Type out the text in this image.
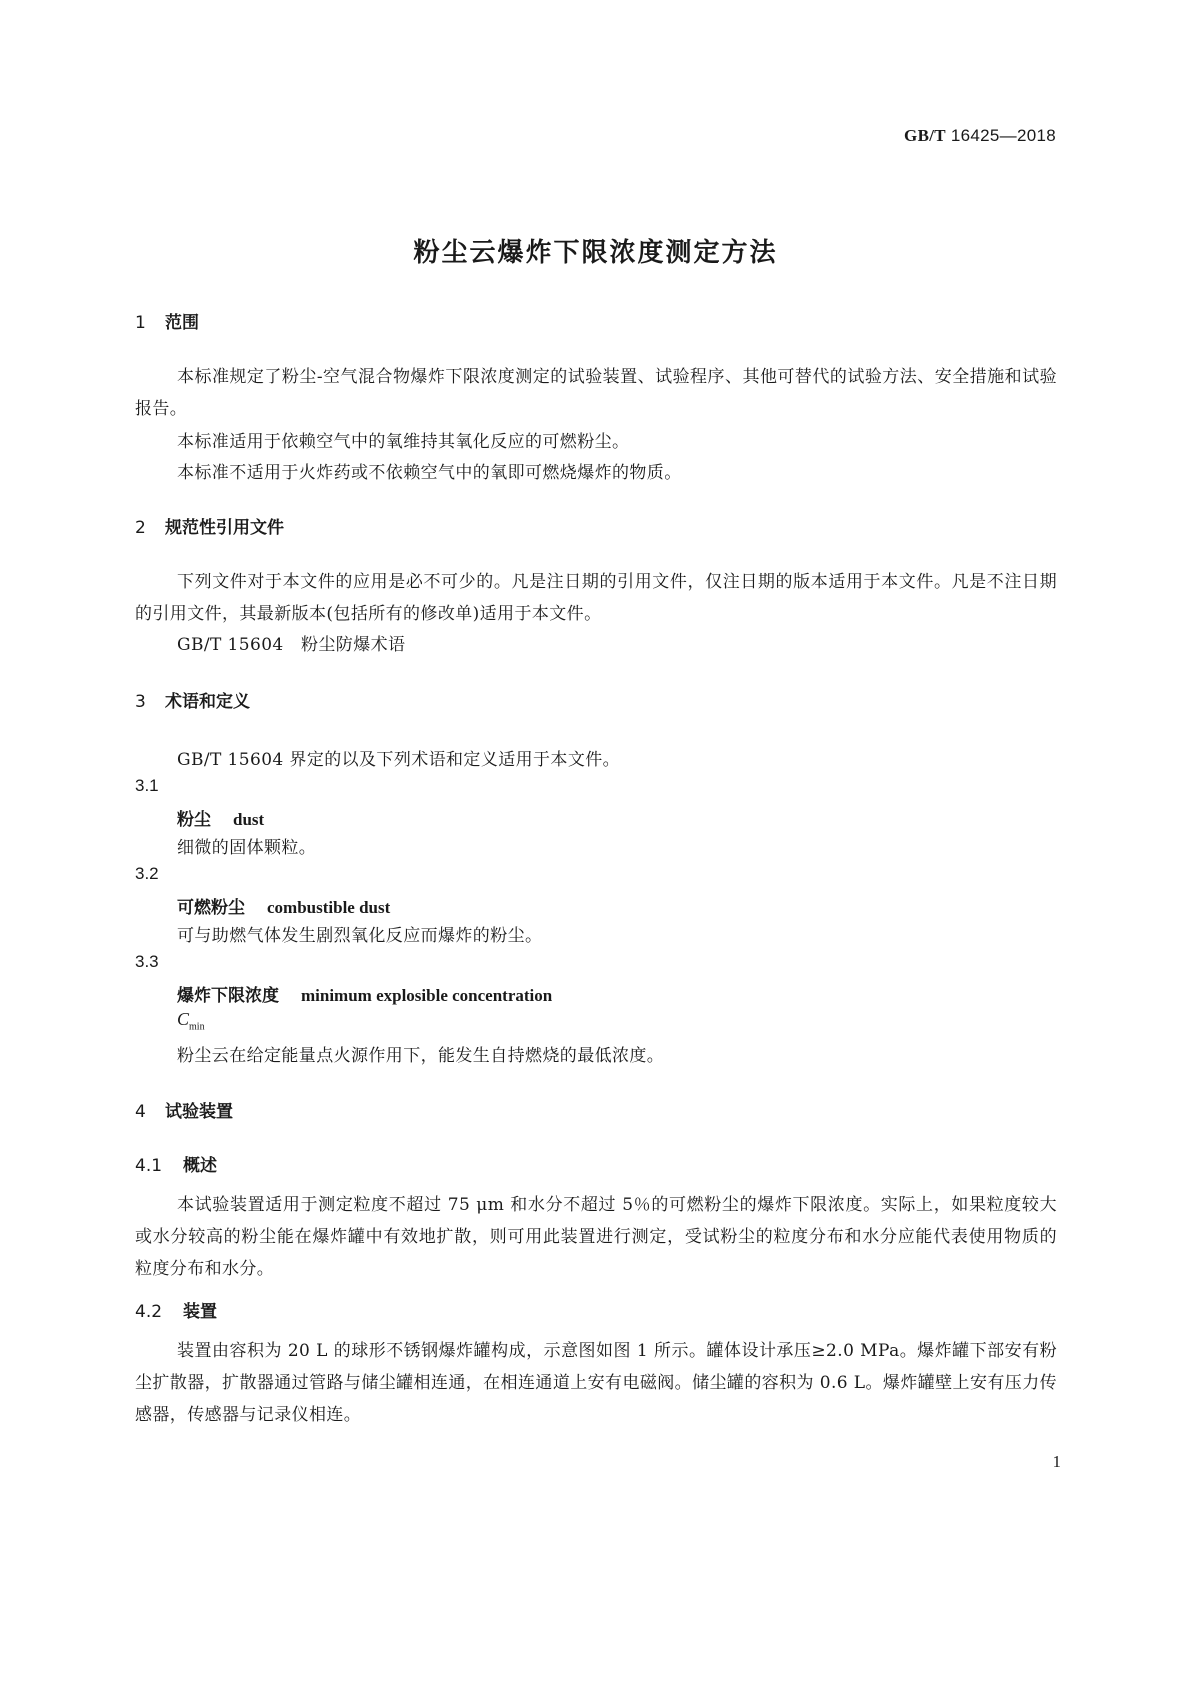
GB/T 16425—2018
粉尘云爆炸下限浓度测定方法
1 范围
本标准规定了粉尘-空气混合物爆炸下限浓度测定的试验装置、试验程序、其他可替代的试验方法、安全措施和试验报告。
本标准适用于依赖空气中的氧维持其氧化反应的可燃粉尘。
本标准不适用于火炸药或不依赖空气中的氧即可燃烧爆炸的物质。
2 规范性引用文件
下列文件对于本文件的应用是必不可少的。凡是注日期的引用文件，仅注日期的版本适用于本文件。凡是不注日期的引用文件，其最新版本(包括所有的修改单)适用于本文件。
GB/T 15604 粉尘防爆术语
3 术语和定义
GB/T 15604 界定的以及下列术语和定义适用于本文件。
3.1
粉尘 dust
细微的固体颗粒。
3.2
可燃粉尘 combustible dust
可与助燃气体发生剧烈氧化反应而爆炸的粉尘。
3.3
爆炸下限浓度 minimum explosible concentration
$C_{min}$
粉尘云在给定能量点火源作用下，能发生自持燃烧的最低浓度。
4 试验装置
4.1 概述
本试验装置适用于测定粒度不超过 75 μm 和水分不超过 5％的可燃粉尘的爆炸下限浓度。实际上，如果粒度较大或水分较高的粉尘能在爆炸罐中有效地扩散，则可用此装置进行测定，受试粉尘的粒度分布和水分应能代表使用物质的粒度分布和水分。
4.2 装置
装置由容积为 20 L 的球形不锈钢爆炸罐构成，示意图如图 1 所示。罐体设计承压≥2.0 MPa。爆炸罐下部安有粉尘扩散器，扩散器通过管路与储尘罐相连通，在相连通道上安有电磁阀。储尘罐的容积为 0.6 L。爆炸罐壁上安有压力传感器，传感器与记录仪相连。
1
